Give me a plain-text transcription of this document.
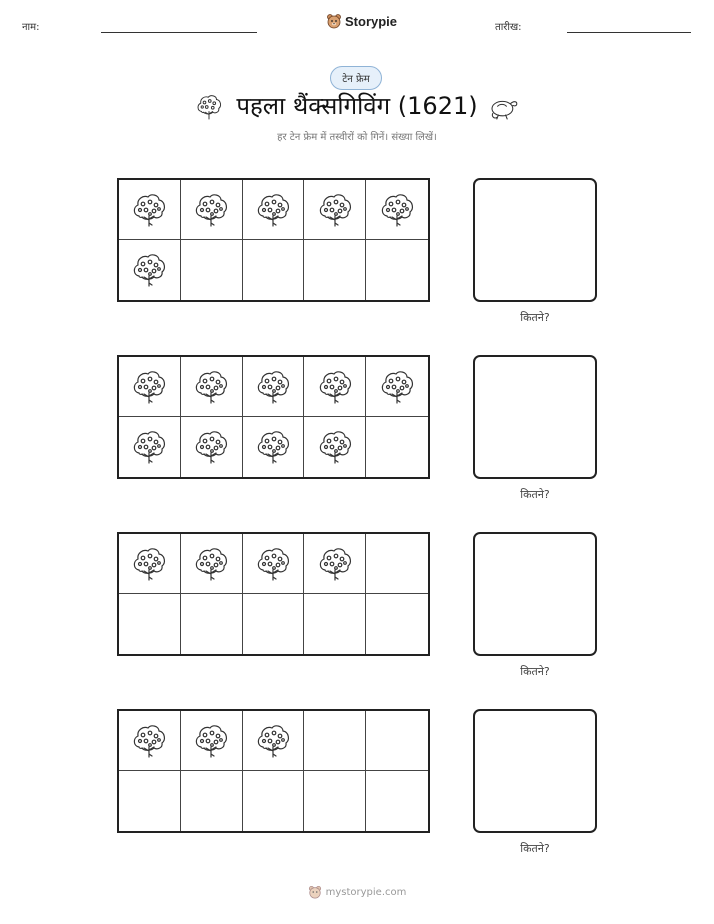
नाम:	Storypie	तारीख:
टेन फ्रेम
पहला थैंक्सगिविंग (1621)
हर टेन फ्रेम में तस्वीरों को गिनें। संख्या लिखें।
कितने?
कितने?
कितने?
कितने?
mystorypie.com
